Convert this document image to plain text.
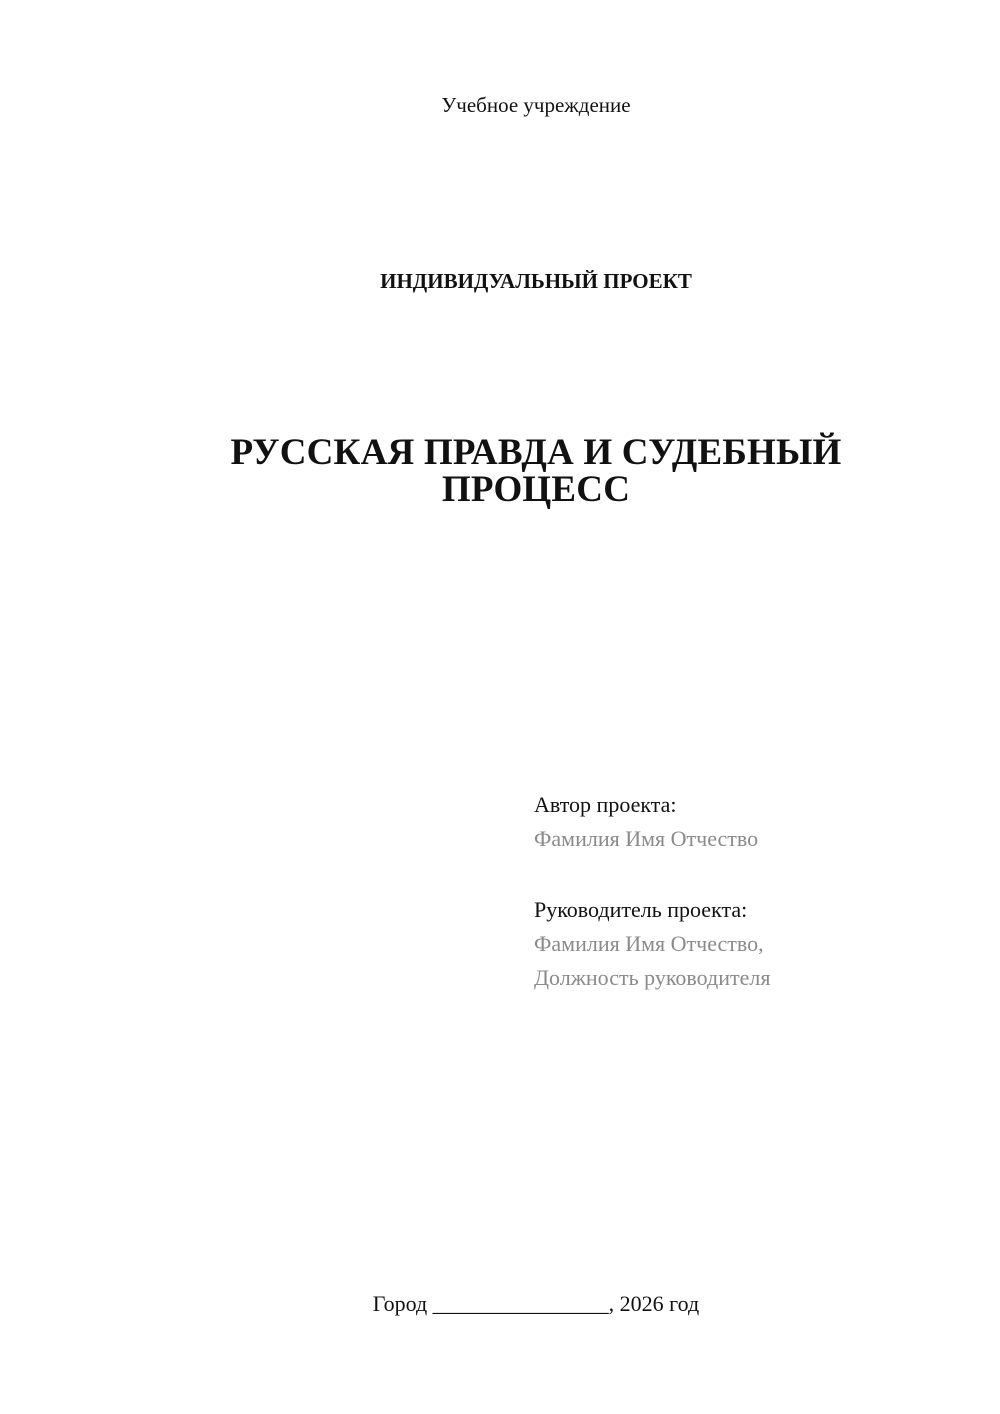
Учебное учреждение
ИНДИВИДУАЛЬНЫЙ ПРОЕКТ
РУССКАЯ ПРАВДА И СУДЕБНЫЙ
ПРОЦЕСС
Автор проекта:
Фамилия Имя Отчество
Руководитель проекта:
Фамилия Имя Отчество,
Должность руководителя
Город ________________, 2026 год
